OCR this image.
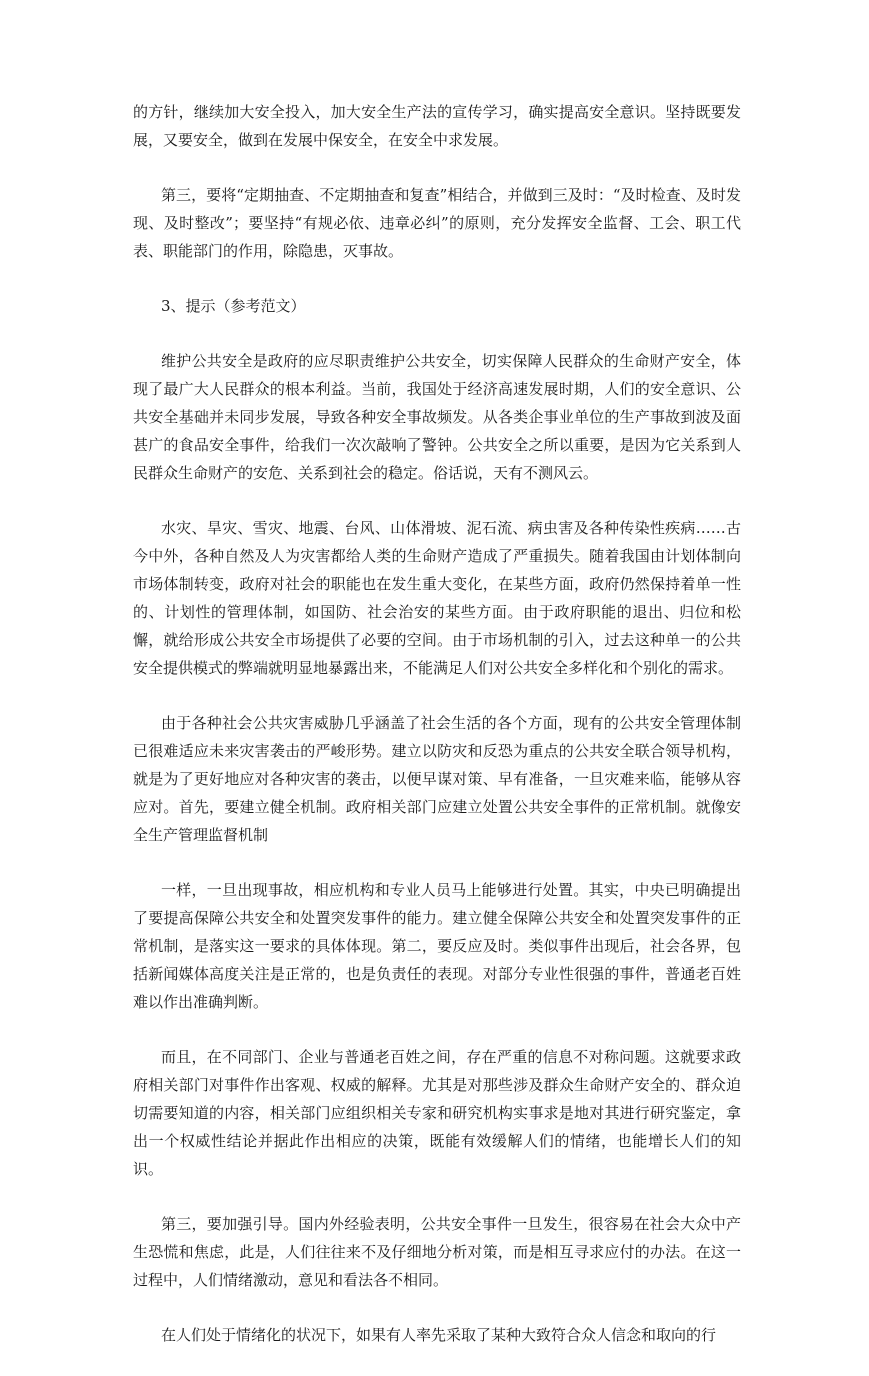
的方针，继续加大安全投入，加大安全生产法的宣传学习，确实提高安全意识。坚持既要发展，又要安全，做到在发展中保安全，在安全中求发展。

第三，要将“定期抽查、不定期抽查和复查”相结合，并做到三及时：“及时检查、及时发现、及时整改”；要坚持“有规必依、违章必纠”的原则，充分发挥安全监督、工会、职工代表、职能部门的作用，除隐患，灭事故。

3、提示（参考范文）

维护公共安全是政府的应尽职责维护公共安全，切实保障人民群众的生命财产安全，体现了最广大人民群众的根本利益。当前，我国处于经济高速发展时期，人们的安全意识、公共安全基础并未同步发展，导致各种安全事故频发。从各类企事业单位的生产事故到波及面甚广的食品安全事件，给我们一次次敲响了警钟。公共安全之所以重要，是因为它关系到人民群众生命财产的安危、关系到社会的稳定。俗话说，天有不测风云。

水灾、旱灾、雪灾、地震、台风、山体滑坡、泥石流、病虫害及各种传染性疾病……古今中外，各种自然及人为灾害都给人类的生命财产造成了严重损失。随着我国由计划体制向市场体制转变，政府对社会的职能也在发生重大变化，在某些方面，政府仍然保持着单一性的、计划性的管理体制，如国防、社会治安的某些方面。由于政府职能的退出、归位和松懈，就给形成公共安全市场提供了必要的空间。由于市场机制的引入，过去这种单一的公共安全提供模式的弊端就明显地暴露出来，不能满足人们对公共安全多样化和个别化的需求。

由于各种社会公共灾害威胁几乎涵盖了社会生活的各个方面，现有的公共安全管理体制已很难适应未来灾害袭击的严峻形势。建立以防灾和反恐为重点的公共安全联合领导机构，就是为了更好地应对各种灾害的袭击，以便早谋对策、早有准备，一旦灾难来临，能够从容应对。首先，要建立健全机制。政府相关部门应建立处置公共安全事件的正常机制。就像安全生产管理监督机制

一样，一旦出现事故，相应机构和专业人员马上能够进行处置。其实，中央已明确提出了要提高保障公共安全和处置突发事件的能力。建立健全保障公共安全和处置突发事件的正常机制，是落实这一要求的具体体现。第二，要反应及时。类似事件出现后，社会各界，包括新闻媒体高度关注是正常的，也是负责任的表现。对部分专业性很强的事件，普通老百姓难以作出准确判断。

而且，在不同部门、企业与普通老百姓之间，存在严重的信息不对称问题。这就要求政府相关部门对事件作出客观、权威的解释。尤其是对那些涉及群众生命财产安全的、群众迫切需要知道的内容，相关部门应组织相关专家和研究机构实事求是地对其进行研究鉴定，拿出一个权威性结论并据此作出相应的决策，既能有效缓解人们的情绪，也能增长人们的知识。

第三，要加强引导。国内外经验表明，公共安全事件一旦发生，很容易在社会大众中产生恐慌和焦虑，此是，人们往往来不及仔细地分析对策，而是相互寻求应付的办法。在这一过程中，人们情绪激动，意见和看法各不相同。

在人们处于情绪化的状况下，如果有人率先采取了某种大致符合众人信念和取向的行
